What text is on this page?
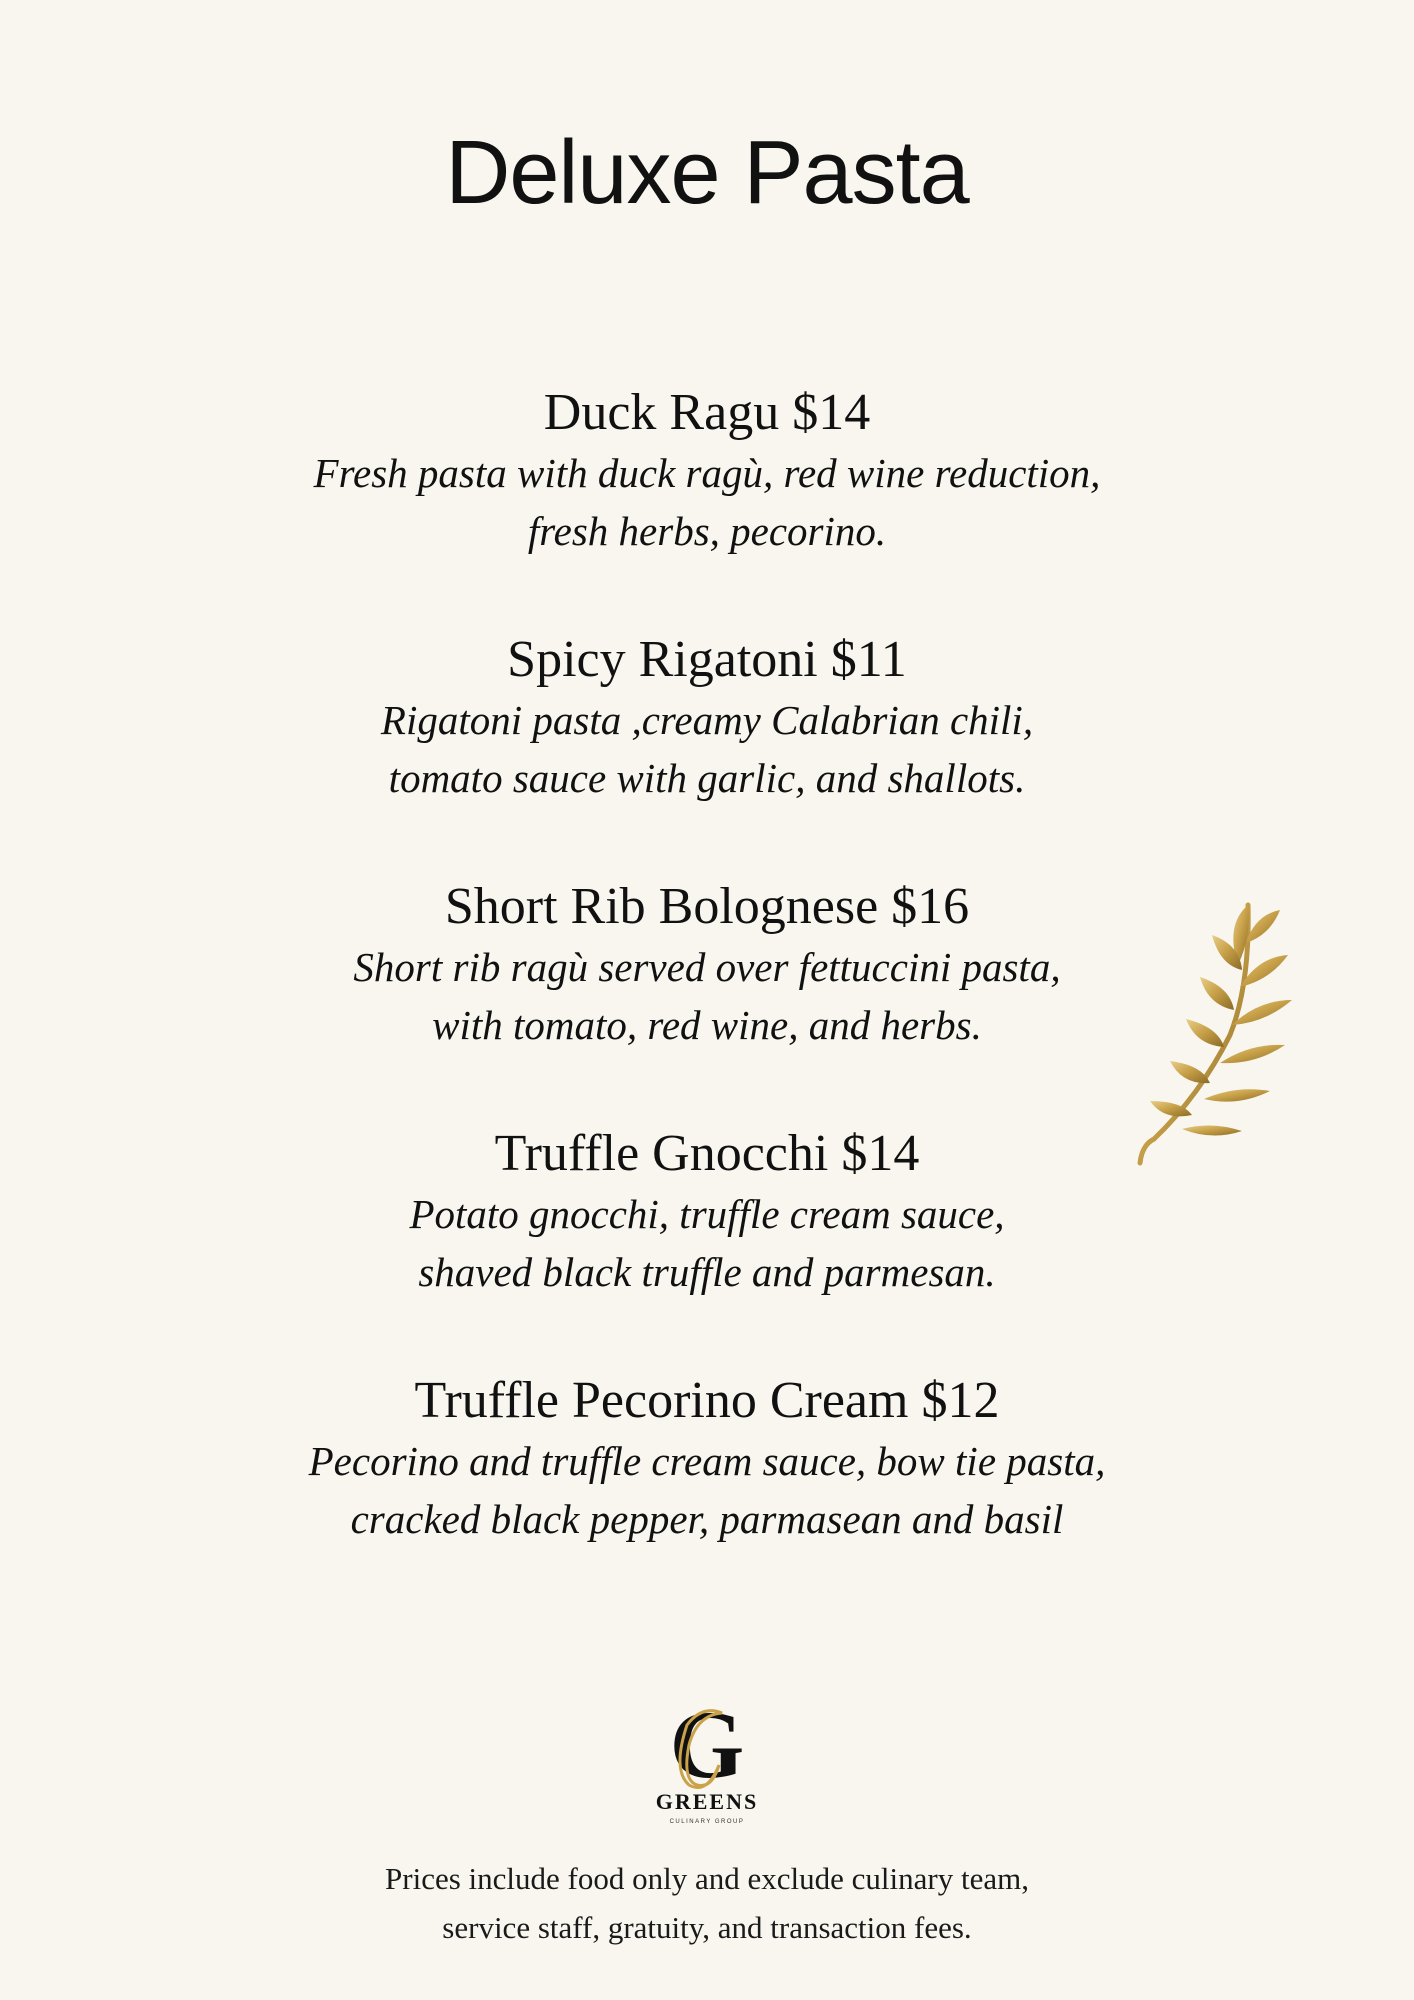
Deluxe Pasta

Duck Ragu $14

Fresh pasta with duck ragù, red wine reduction,

fresh herbs, pecorino.

Spicy Rigatoni $11

Rigatoni pasta ,creamy Calabrian chili,

tomato sauce with garlic, and shallots.

Short Rib Bolognese $16

Short rib ragù served over fettuccini pasta,

with tomato, red wine, and herbs.

Truffle Gnocchi $14

Potato gnocchi, truffle cream sauce,

shaved black truffle and parmesan.

Truffle Pecorino Cream $12

Pecorino and truffle cream sauce, bow tie pasta,

cracked black pepper, parmasean and basil

G
GREENS
CULINARY GROUP

Prices include food only and exclude culinary team,

service staff, gratuity, and transaction fees.
